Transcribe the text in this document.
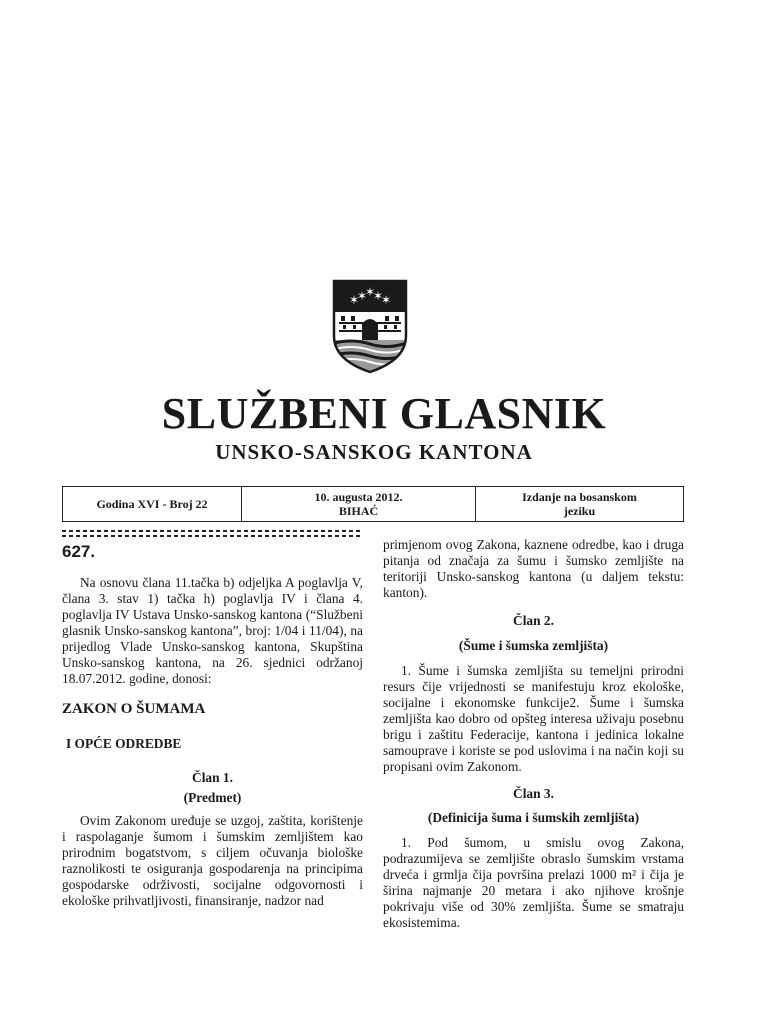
✶
✶
✶
✶ ✶
SLUŽBENI GLASNIK
UNSKO-SANSKOG KANTONA
Godina XVI - Broj 22	10. augusta 2012.
BIHAĆ
Izdanje na bosanskom
jeziku
627.

Na osnovu člana 11.tačka b) odjeljka A poglavlja V, člana 3. stav 1) tačka h) poglavlja IV i člana 4. poglavlja IV Ustava Unsko-sanskog kantona (“Službeni glasnik Unsko-sanskog kantona”, broj: 1/04 i 11/04), na prijedlog Vlade Unsko-sanskog kantona, Skupština Unsko-sanskog kantona, na 26. sjednici održanoj 18.07.2012. godine, donosi:

ZAKON O ŠUMAMA

I OPĆE ODREDBE

Član 1.

(Predmet)

Ovim Zakonom uređuje se uzgoj, zaštita, korištenje i raspolaganje šumom i šumskim zemljištem kao prirodnim bogatstvom, s ciljem očuvanja biološke raznolikosti te osiguranja gospodarenja na principima gospodarske održivosti, socijalne odgovornosti i ekološke prihvatljivosti, finansiranje, nadzor nad

primjenom ovog Zakona, kaznene odredbe, kao i druga pitanja od značaja za šumu i šumsko zemljište na teritoriji Unsko-sanskog kantona (u daljem tekstu: kanton).

Član 2.

(Šume i šumska zemljišta)

1. Šume i šumska zemljišta su temeljni prirodni resurs čije vrijednosti se manifestuju kroz ekološke, socijalne i ekonomske funkcije2. Šume i šumska zemljišta kao dobro od opšteg interesa uživaju posebnu brigu i zaštitu Federacije, kantona i jedinica lokalne samouprave i koriste se pod uslovima i na način koji su propisani ovim Zakonom.

Član 3.

(Definicija šuma i šumskih zemljišta)

1. Pod šumom, u smislu ovog Zakona, podrazumijeva se zemljište obraslo šumskim vrstama drveća i grmlja čija površina prelazi 1000 m² i čija je širina najmanje 20 metara i ako njihove krošnje pokrivaju više od 30% zemljišta. Šume se smatraju ekosistemima.
